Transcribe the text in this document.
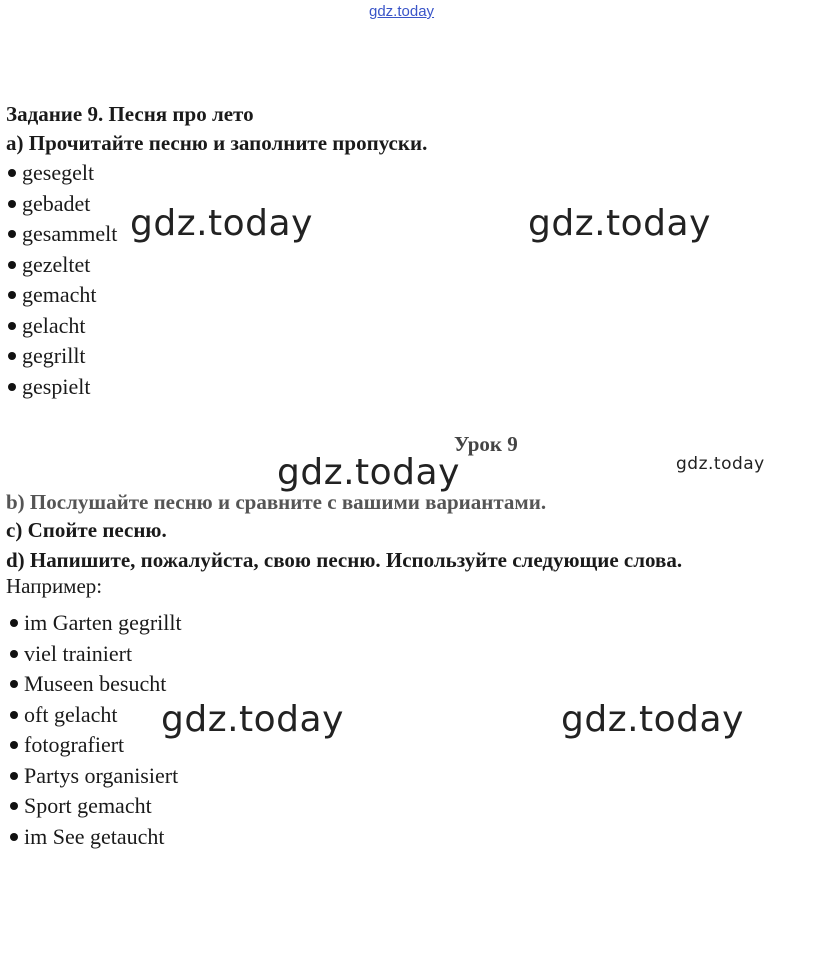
gdz.today

Задание 9. Песня про лето

а) Прочитайте песню и заполните пропуски.

gesegelt
gebadet
gesammelt
gezeltet
gemacht
gelacht
gegrillt
gespielt

Урок 9

b) Послушайте песню и сравните с вашими вариантами.

c) Спойте песню.

d) Напишите, пожалуйста, свою песню. Используйте следующие слова.

Например:

im Garten gegrillt
viel trainiert
Museen besucht
oft gelacht
fotografiert
Partys organisiert
Sport gemacht
im See getaucht
gdz.today	gdz.today
gdz.today	gdz.today
gdz.today	gdz.today
